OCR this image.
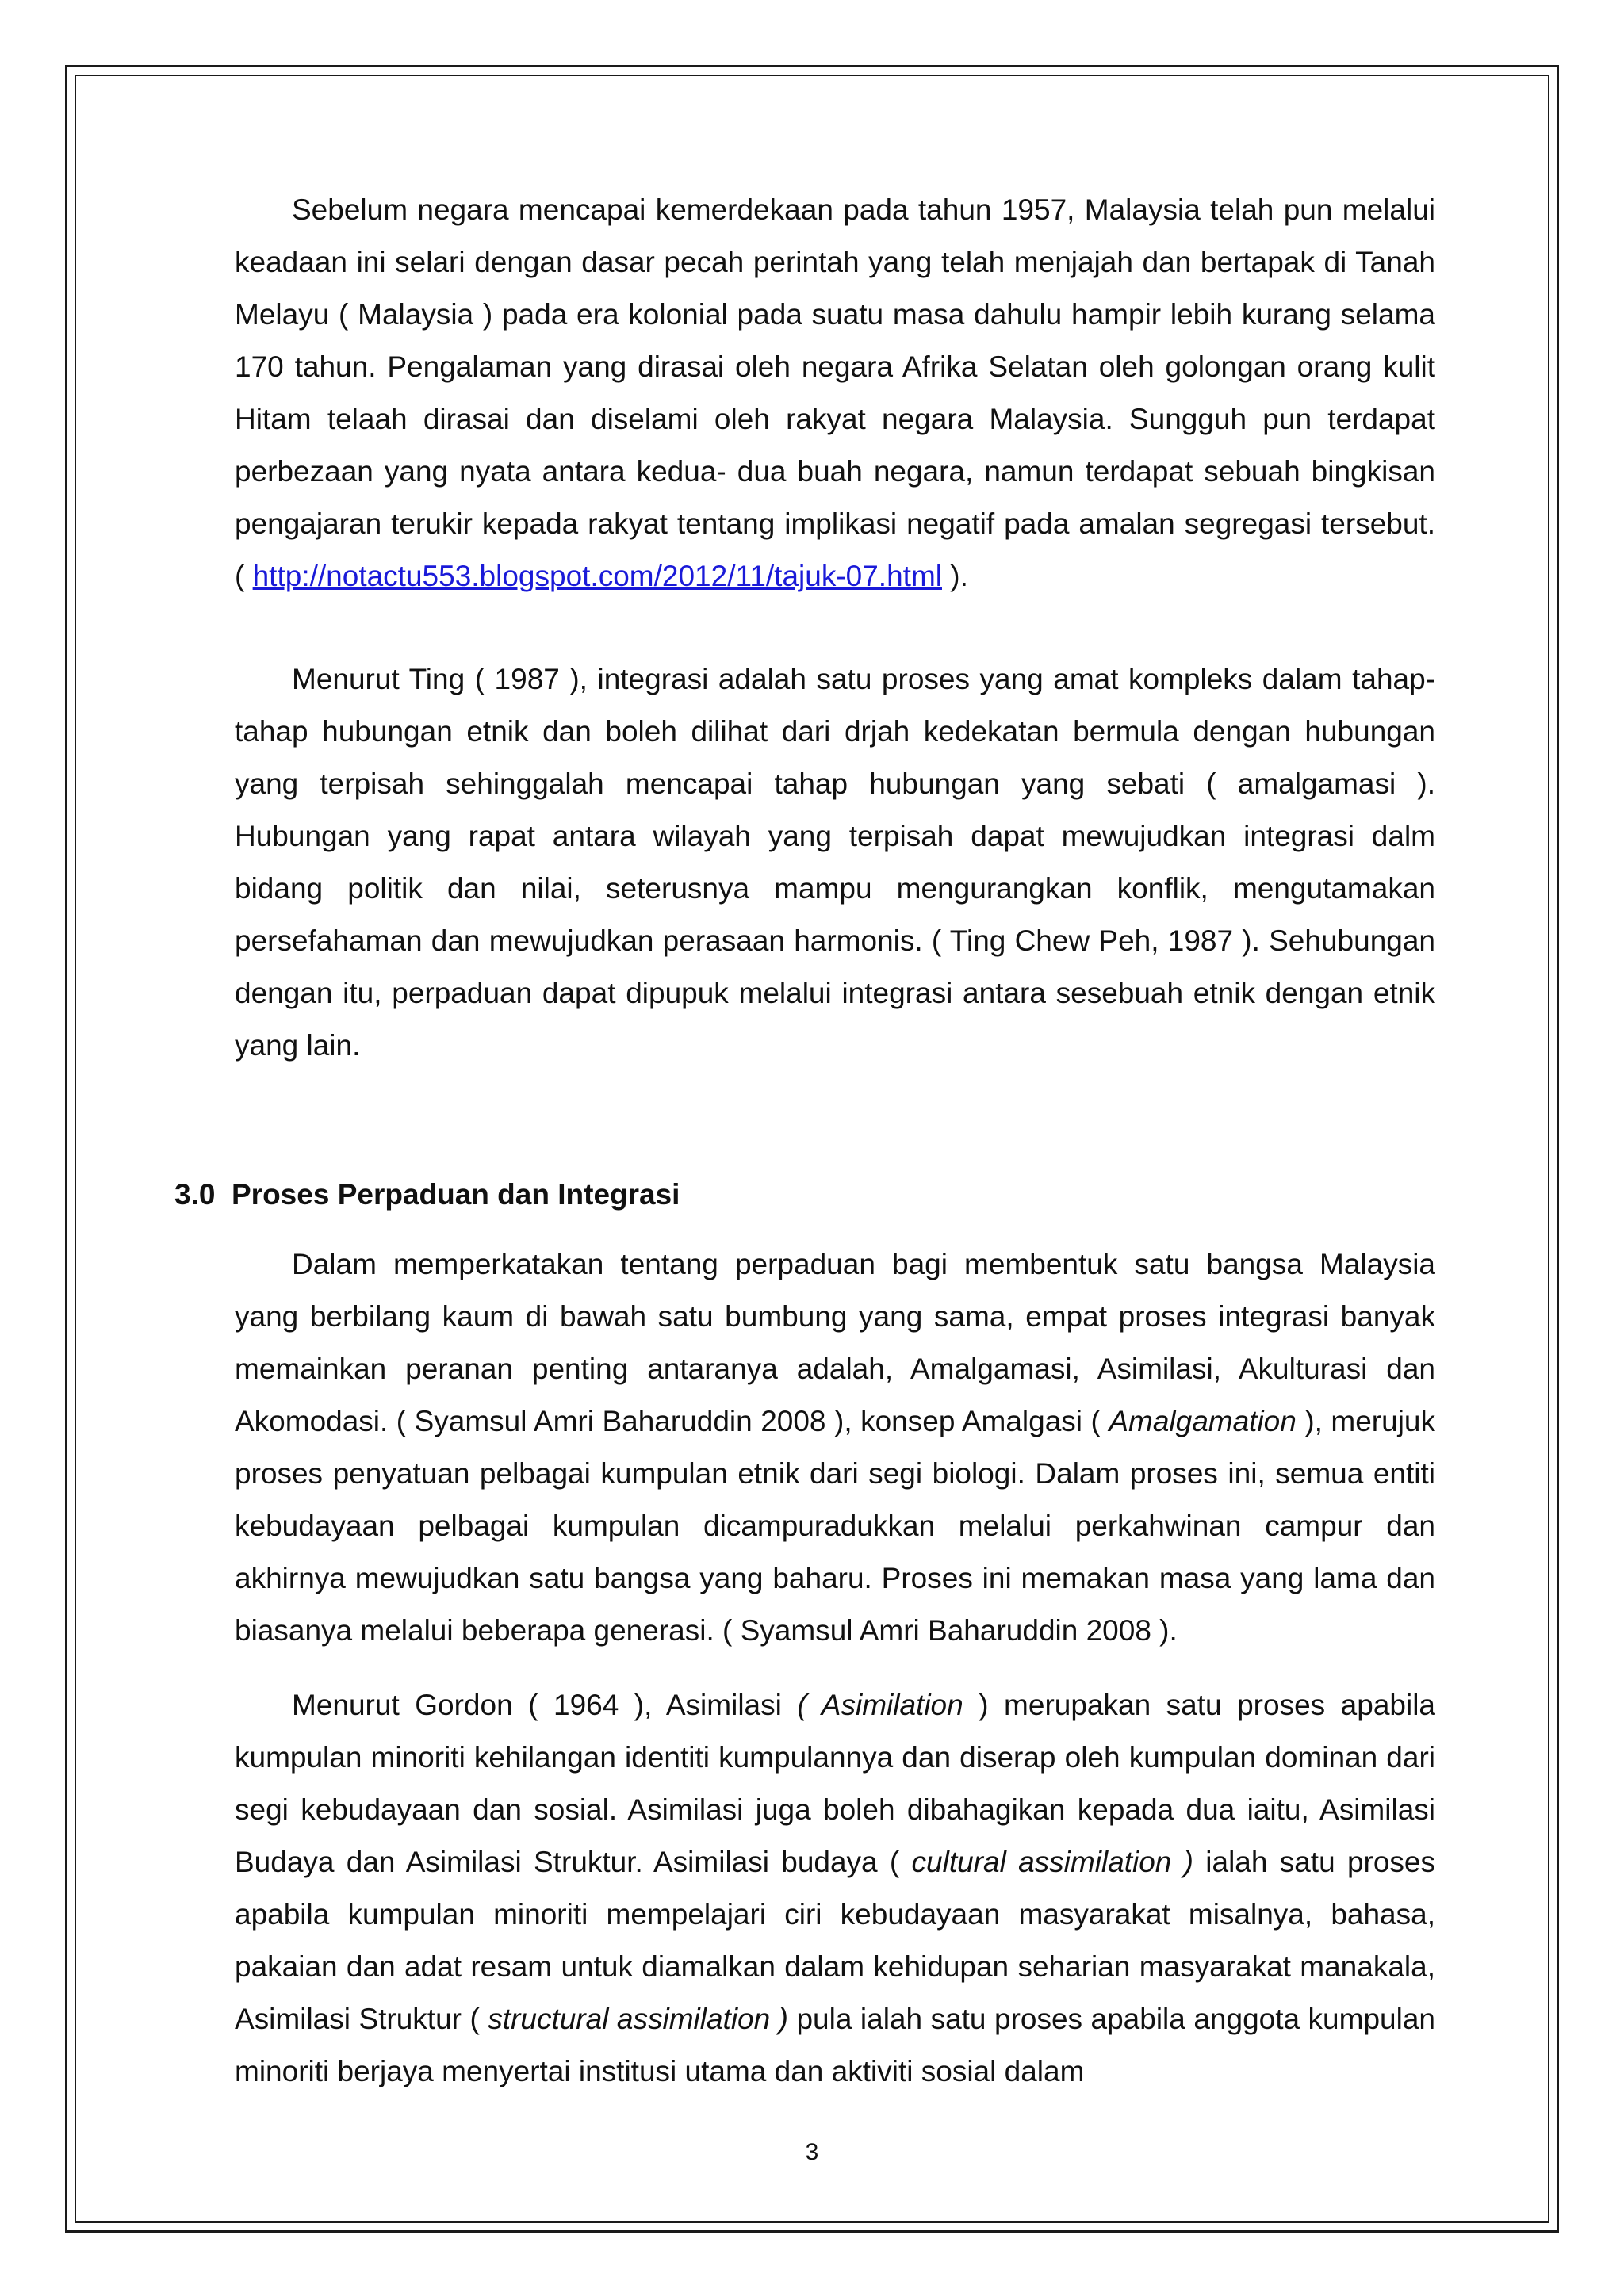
Sebelum negara mencapai kemerdekaan pada tahun 1957, Malaysia telah pun melalui keadaan ini selari dengan dasar pecah perintah yang telah menjajah dan bertapak di Tanah Melayu ( Malaysia ) pada era kolonial pada suatu masa dahulu hampir lebih kurang selama 170 tahun. Pengalaman yang dirasai oleh negara Afrika Selatan oleh golongan orang kulit Hitam telaah dirasai dan diselami oleh rakyat negara Malaysia. Sungguh pun terdapat perbezaan yang nyata antara kedua- dua buah negara, namun terdapat sebuah bingkisan pengajaran terukir kepada rakyat tentang implikasi negatif pada amalan segregasi tersebut. ( http://notactu553.blogspot.com/2012/11/tajuk-07.html ).

Menurut Ting ( 1987 ), integrasi adalah satu proses yang amat kompleks dalam tahap- tahap hubungan etnik dan boleh dilihat dari drjah kedekatan bermula dengan hubungan yang terpisah sehinggalah mencapai tahap hubungan yang sebati ( amalgamasi ). Hubungan yang rapat antara wilayah yang terpisah dapat mewujudkan integrasi dalm bidang politik dan nilai, seterusnya mampu mengurangkan konflik, mengutamakan persefahaman dan mewujudkan perasaan harmonis. ( Ting Chew Peh, 1987 ). Sehubungan dengan itu, perpaduan dapat dipupuk melalui integrasi antara sesebuah etnik dengan etnik yang lain.

3.0 Proses Perpaduan dan Integrasi

Dalam memperkatakan tentang perpaduan bagi membentuk satu bangsa Malaysia yang berbilang kaum di bawah satu bumbung yang sama, empat proses integrasi banyak memainkan peranan penting antaranya adalah, Amalgamasi, Asimilasi, Akulturasi dan Akomodasi. ( Syamsul Amri Baharuddin 2008 ), konsep Amalgasi ( Amalgamation ), merujuk proses penyatuan pelbagai kumpulan etnik dari segi biologi. Dalam proses ini, semua entiti kebudayaan pelbagai kumpulan dicampuradukkan melalui perkahwinan campur dan akhirnya mewujudkan satu bangsa yang baharu. Proses ini memakan masa yang lama dan biasanya melalui beberapa generasi. ( Syamsul Amri Baharuddin 2008 ).

Menurut Gordon ( 1964 ), Asimilasi ( Asimilation ) merupakan satu proses apabila kumpulan minoriti kehilangan identiti kumpulannya dan diserap oleh kumpulan dominan dari segi kebudayaan dan sosial. Asimilasi juga boleh dibahagikan kepada dua iaitu, Asimilasi Budaya dan Asimilasi Struktur. Asimilasi budaya ( cultural assimilation ) ialah satu proses apabila kumpulan minoriti mempelajari ciri kebudayaan masyarakat misalnya, bahasa, pakaian dan adat resam untuk diamalkan dalam kehidupan seharian masyarakat manakala, Asimilasi Struktur ( structural assimilation ) pula ialah satu proses apabila anggota kumpulan minoriti berjaya menyertai institusi utama dan aktiviti sosial dalam

3
